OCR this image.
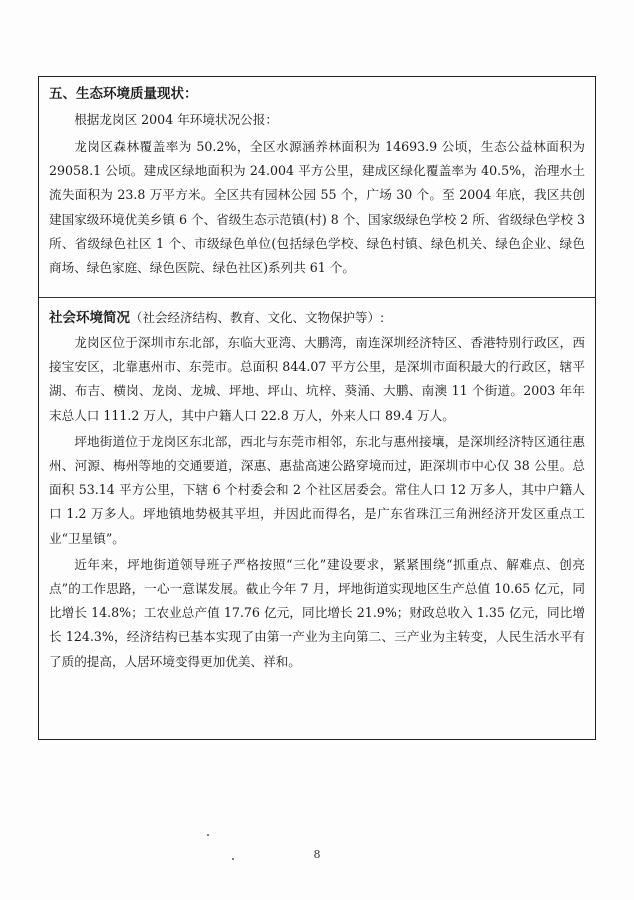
五、生态环境质量现状：

根据龙岗区 2004 年环境状况公报：

龙岗区森林覆盖率为 50.2%，全区水源涵养林面积为 14693.9 公顷，生态公益林面积为 29058.1 公顷。建成区绿地面积为 24.004 平方公里，建成区绿化覆盖率为 40.5%，治理水土流失面积为 23.8 万平方米。全区共有园林公园 55 个，广场 30 个。至 2004 年底，我区共创建国家级环境优美乡镇 6 个、省级生态示范镇(村) 8 个、国家级绿色学校 2 所、省级绿色学校 3 所、省级绿色社区 1 个、市级绿色单位(包括绿色学校、绿色村镇、绿色机关、绿色企业、绿色商场、绿色家庭、绿色医院、绿色社区)系列共 61 个。

社会环境简况（社会经济结构、教育、文化、文物保护等）:

龙岗区位于深圳市东北部，东临大亚湾、大鹏湾，南连深圳经济特区、香港特别行政区，西接宝安区，北靠惠州市、东莞市。总面积 844.07 平方公里，是深圳市面积最大的行政区，辖平湖、布吉、横岗、龙岗、龙城、坪地、坪山、坑梓、葵涌、大鹏、南澳 11 个街道。2003 年年末总人口 111.2 万人，其中户籍人口 22.8 万人，外来人口 89.4 万人。

坪地街道位于龙岗区东北部，西北与东莞市相邻，东北与惠州接壤，是深圳经济特区通往惠州、河源、梅州等地的交通要道，深惠、惠盐高速公路穿境而过，距深圳市中心仅 38 公里。总面积 53.14 平方公里，下辖 6 个村委会和 2 个社区居委会。常住人口 12 万多人，其中户籍人口 1.2 万多人。坪地镇地势极其平坦，并因此而得名，是广东省珠江三角洲经济开发区重点工业“卫星镇”。

近年来，坪地街道领导班子严格按照“三化”建设要求，紧紧围绕“抓重点、解难点、创亮点”的工作思路，一心一意谋发展。截止今年 7 月，坪地街道实现地区生产总值 10.65 亿元，同比增长 14.8%；工农业总产值 17.76 亿元，同比增长 21.9%；财政总收入 1.35 亿元，同比增长 124.3%，经济结构已基本实现了由第一产业为主向第二、三产业为主转变，人民生活水平有了质的提高，人居环境变得更加优美、祥和。

8
